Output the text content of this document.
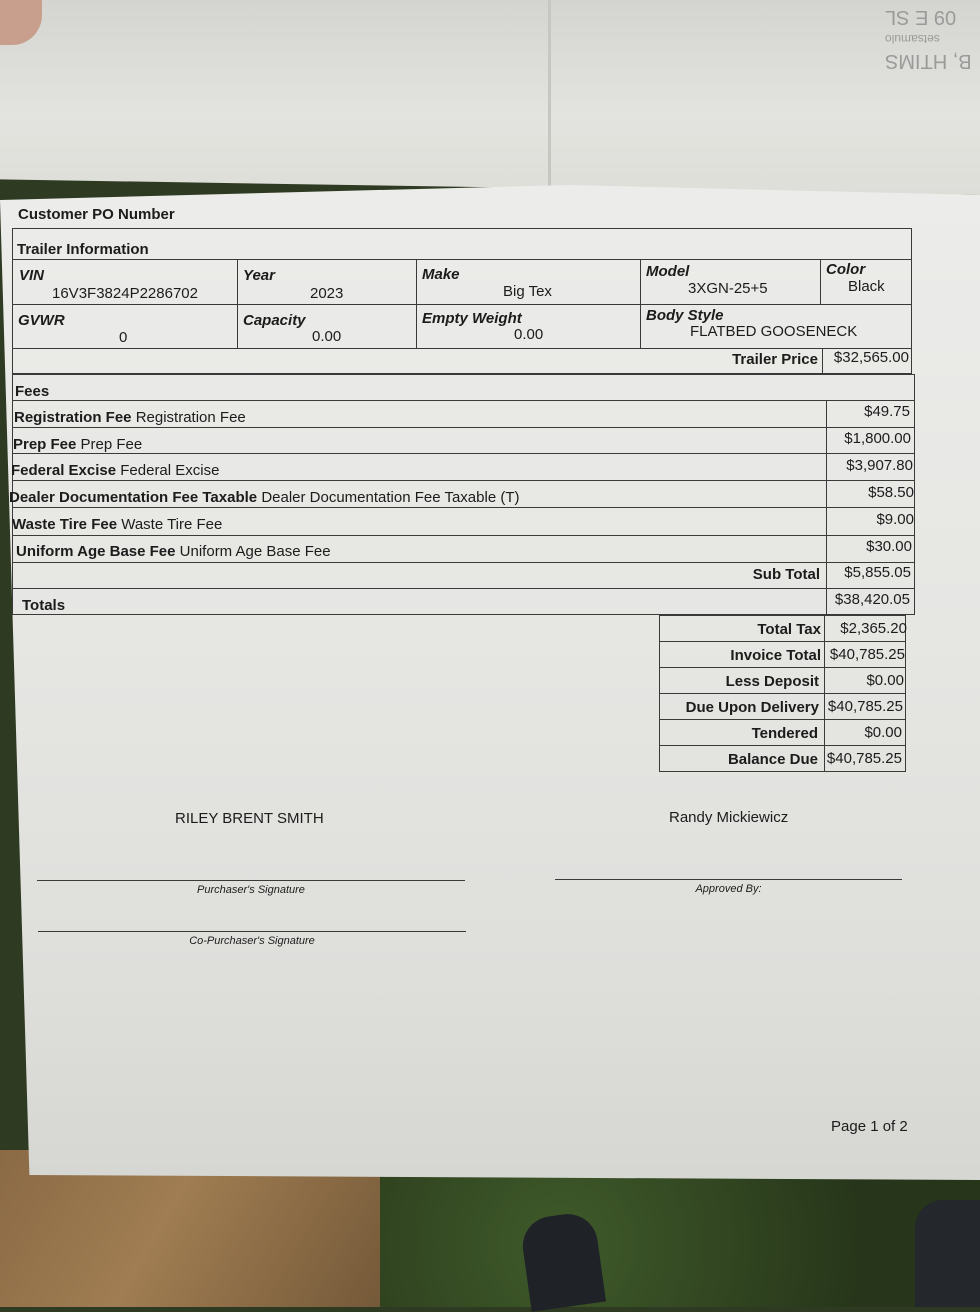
B, HTIMS
setsamulo
09 E SL
Customer PO Number
Trailer Information
VIN
16V3F3824P2286702
Year
2023
Make
Big Tex
Model
3XGN-25+5
Color
Black
GVWR
0
Capacity
0.00
Empty Weight
0.00
Body Style
FLATBED GOOSENECK
Trailer Price	$32,565.00
Fees
Registration Fee Registration Fee	$49.75
Prep Fee Prep Fee	$1,800.00
Federal Excise Federal Excise	$3,907.80
Dealer Documentation Fee Taxable Dealer Documentation Fee Taxable (T)	$58.50
Waste Tire Fee Waste Tire Fee	$9.00
Uniform Age Base Fee Uniform Age Base Fee	$30.00
Sub Total	$5,855.05
Totals	$38,420.05
Total Tax	$2,365.20
Invoice Total $40,785.25
Less Deposit	$0.00
Due Upon Delivery $40,785.25
Tendered	$0.00
Balance Due $40,785.25
RILEY BRENT SMITH	Randy Mickiewicz
Purchaser's Signature	Approved By:
Co-Purchaser's Signature
Page 1 of 2
